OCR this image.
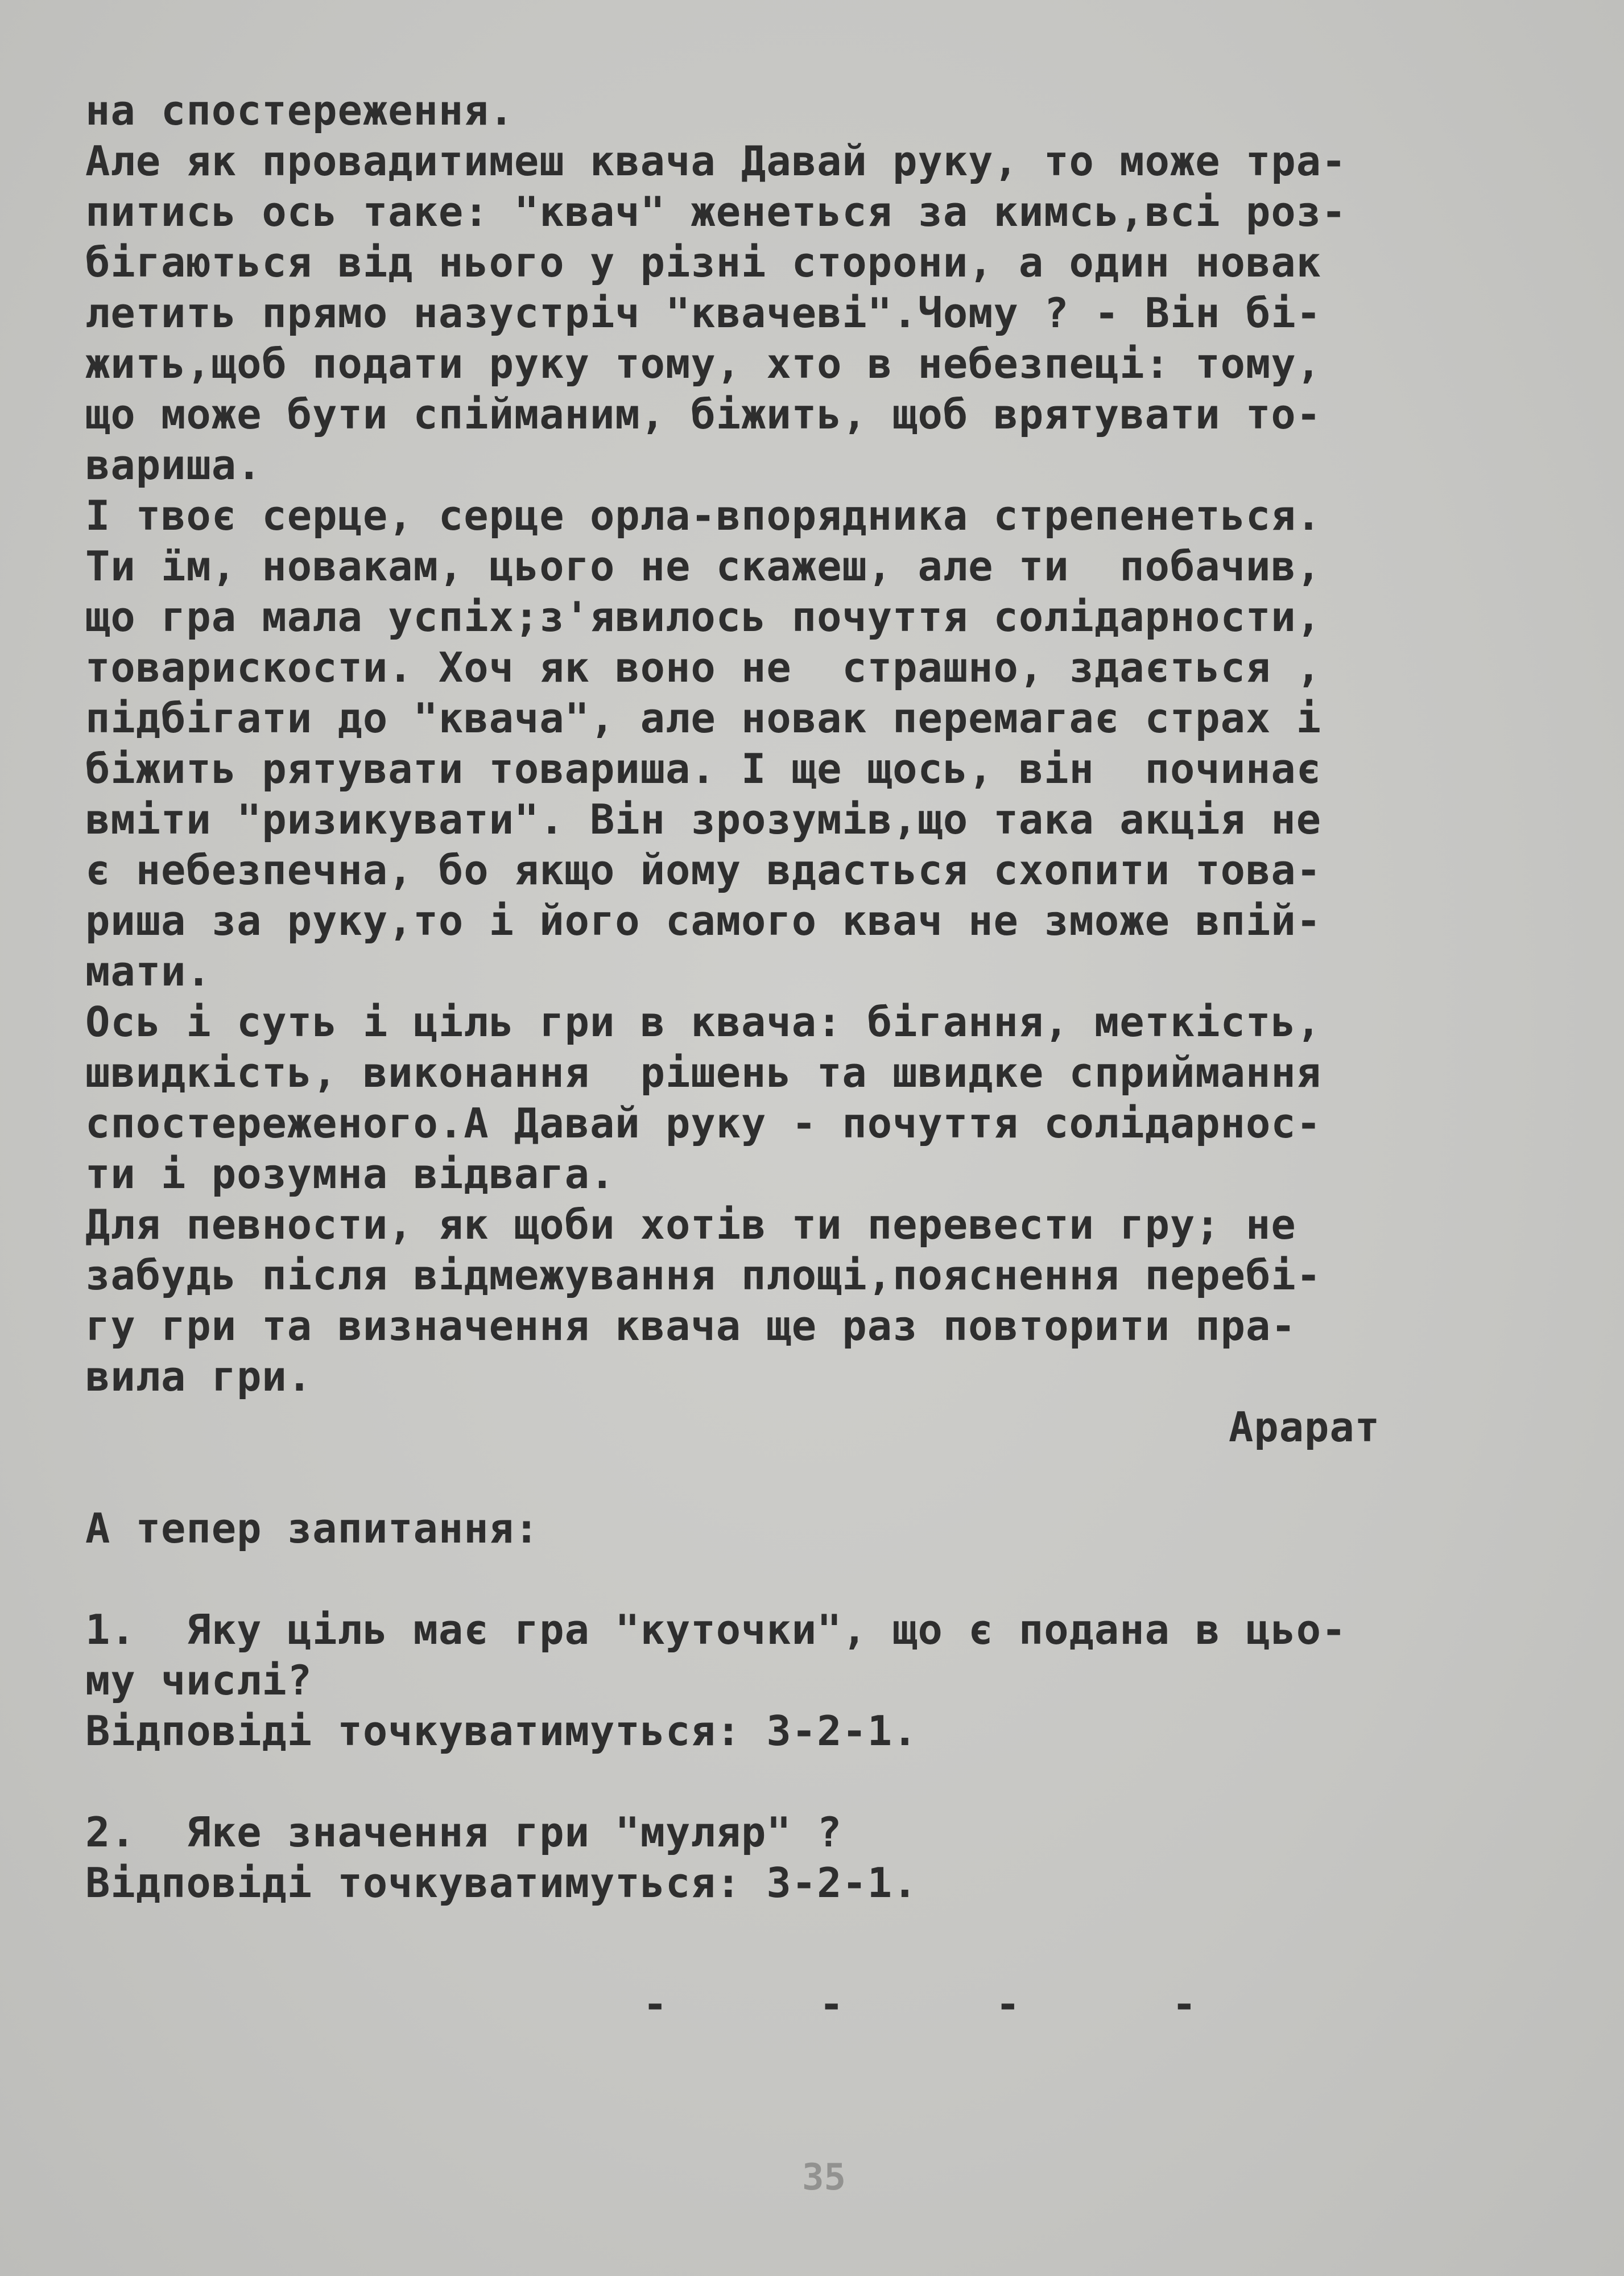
на спостереження.
Але як провадитимеш квача Давай руку, то може тра-
питись ось таке: "квач" женеться за кимсь,всі роз-
бігаються від нього у різні сторони, а один новак
летить прямо назустріч "квачеві".Чому ? - Він бі-
жить,щоб подати руку тому, хто в небезпеці: тому,
що може бути спійманим, біжить, щоб врятувати то-
вариша.
І твоє серце, серце орла-впорядника стрепенеться.
Ти їм, новакам, цього не скажеш, але ти  побачив,
що гра мала успіх;з'явилось почуття солідарности,
товарискости. Хоч як воно не  страшно, здається ,
підбігати до "квача", але новак перемагає страх і
біжить рятувати товариша. І ще щось, він  починає
вміти "ризикувати". Він зрозумів,що така акція не
є небезпечна, бо якщо йому вдасться схопити това-
риша за руку,то і його самого квач не зможе впій-
мати.
Ось і суть і ціль гри в квача: бігання, меткість,
швидкість, виконання  рішень та швидке сприймання
спостереженого.А Давай руку - почуття солідарнос-
ти і розумна відвага.
Для певности, як щоби хотів ти перевести гру; не
забудь після відмежування площі,пояснення перебі-
гу гри та визначення квача ще раз повторити пра-
вила гри.
Арарат
А тепер запитання:
1.  Яку ціль має гра "куточки", що є подана в цьо-
му числі?
Відповіді точкуватимуться: 3-2-1.
2.  Яке значення гри "муляр" ?
Відповіді точкуватимуться: 3-2-1.
-  -  -  -
35
